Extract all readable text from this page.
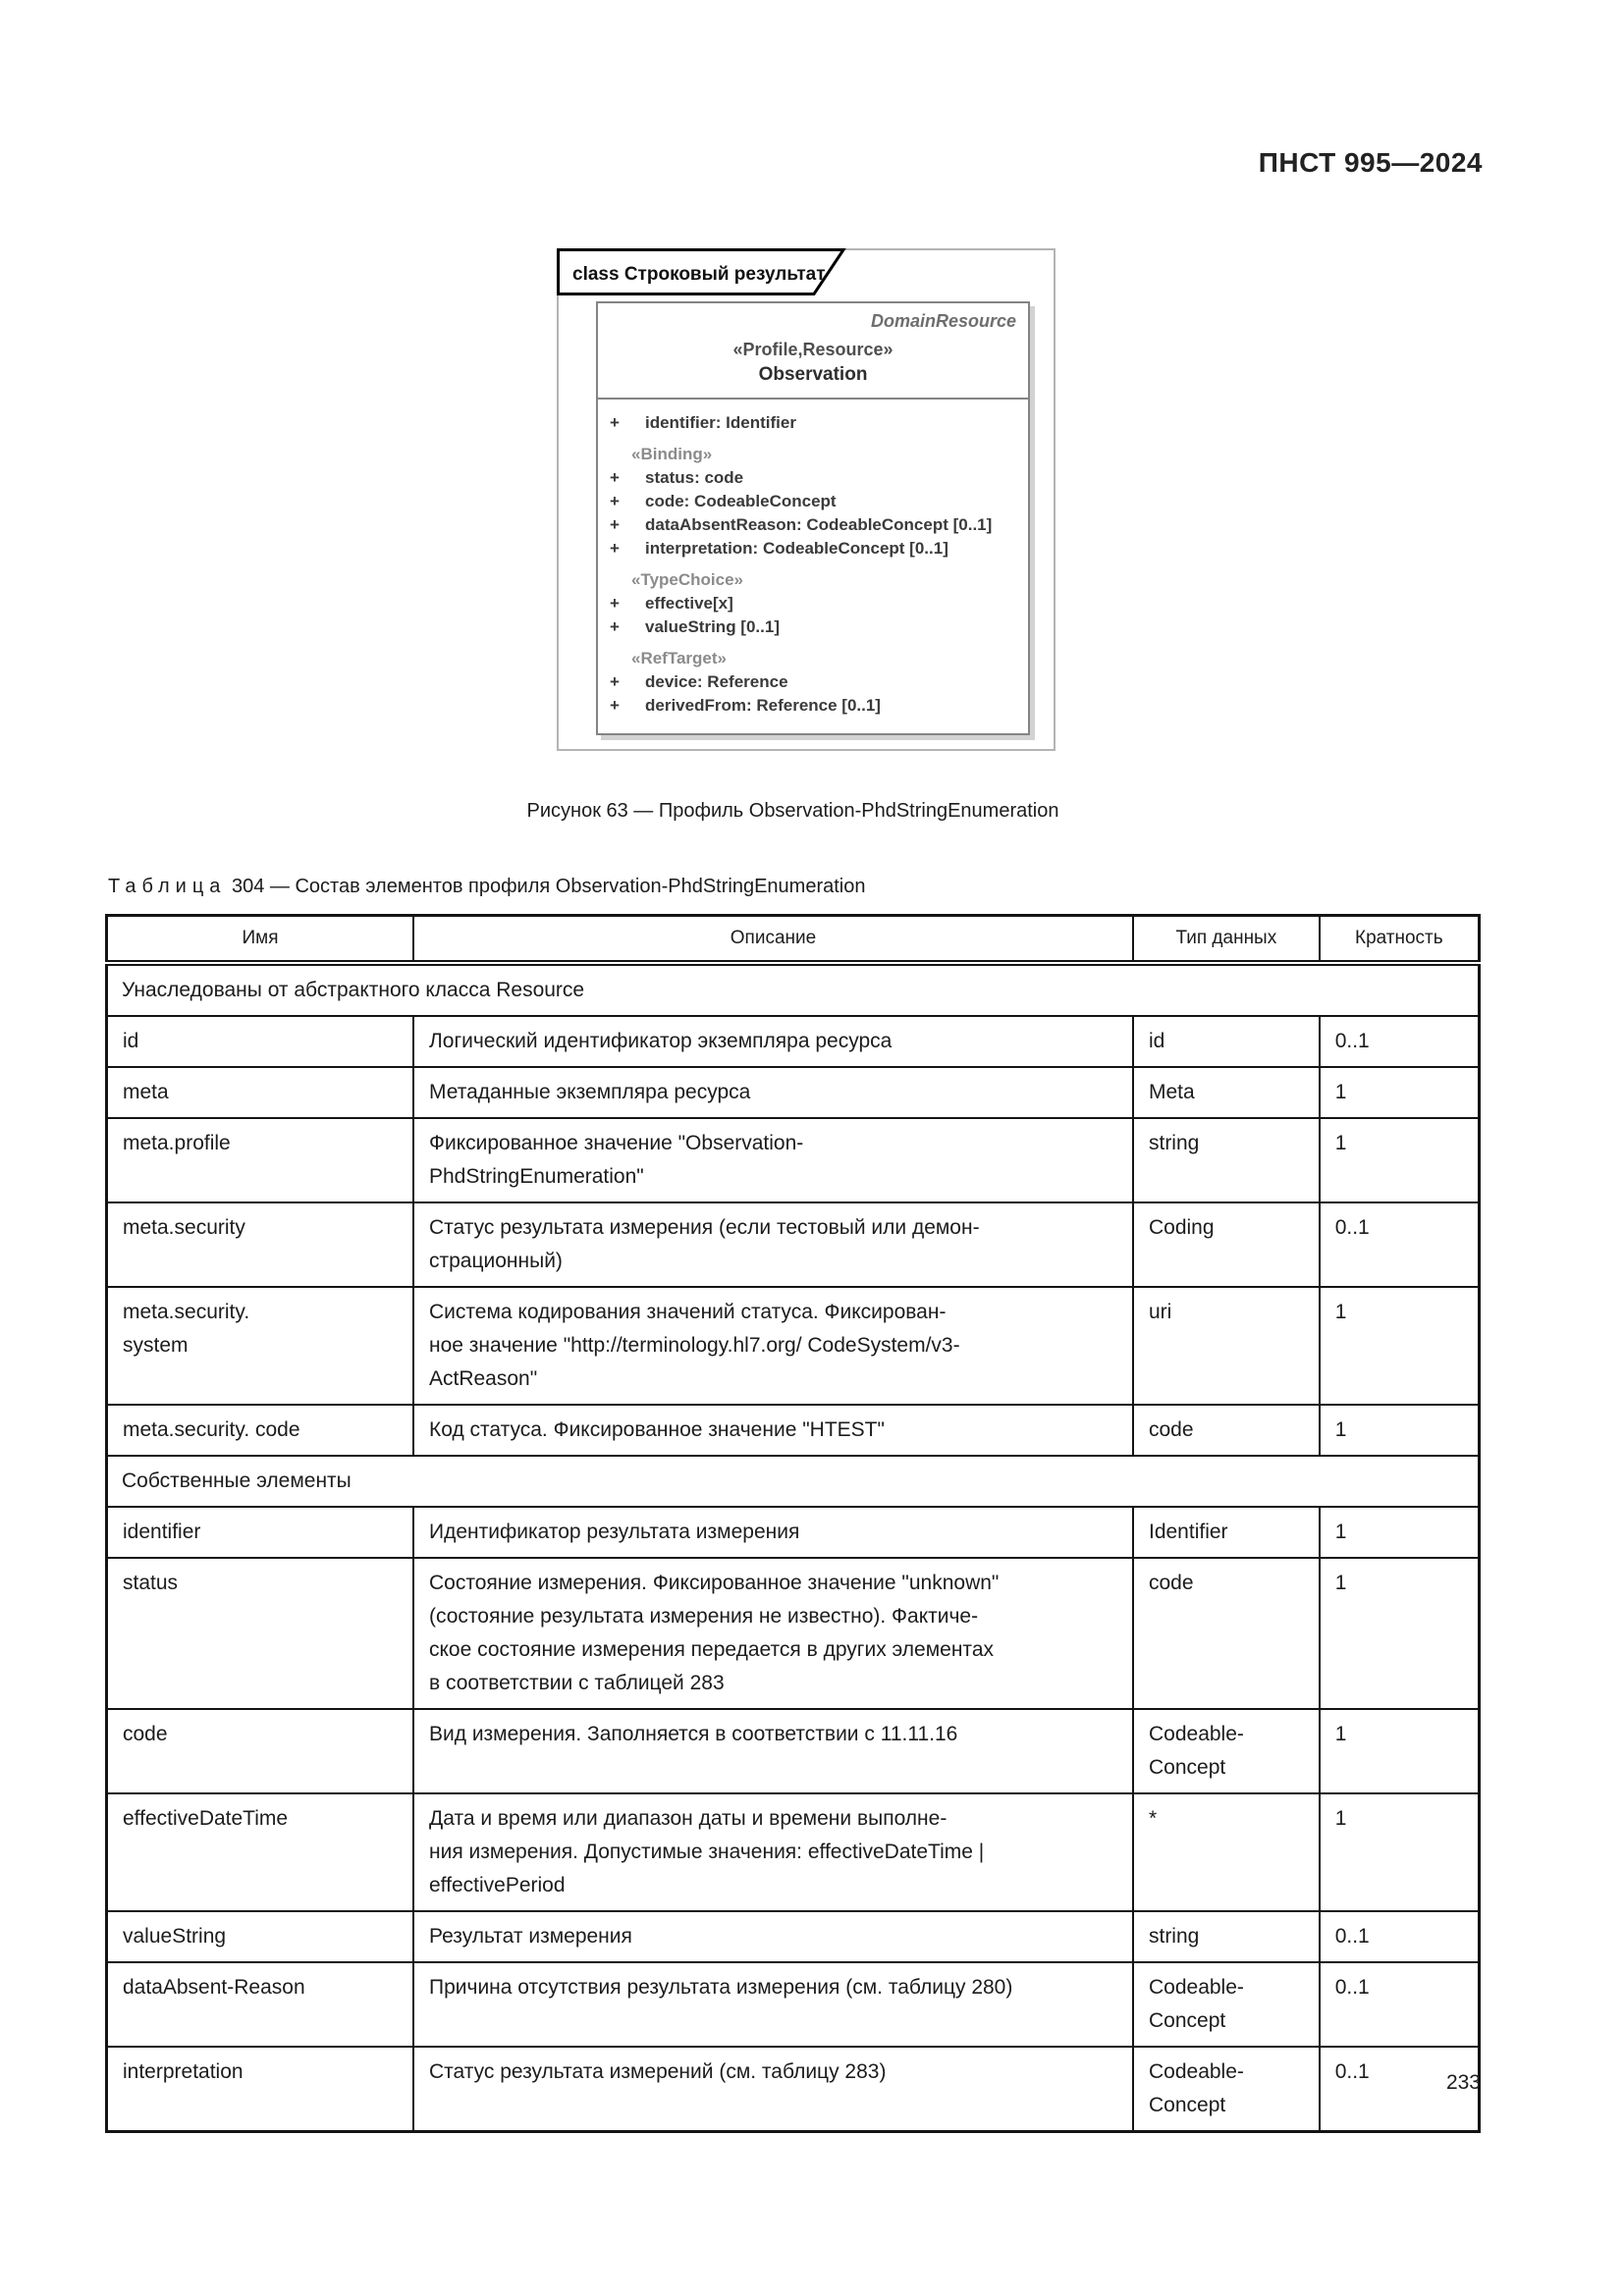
ПНСТ 995—2024
class Строковый результат
DomainResource
«Profile,Resource»
Observation
+	identifier: Identifier
«Binding»
+	status: code
+	code: CodeableConcept
+	dataAbsentReason: CodeableConcept [0..1]
+	interpretation: CodeableConcept [0..1]
«TypeChoice»
+	effective[x]
+	valueString [0..1]
«RefTarget»
+	device: Reference
+	derivedFrom: Reference [0..1]
Рисунок 63 — Профиль Observation-PhdStringEnumeration
Таблица 304 — Состав элементов профиля Observation-PhdStringEnumeration
Имя	Описание	Тип данных	Кратность
Унаследованы от абстрактного класса Resource			
id	Логический идентификатор экземпляра ресурса	id	0..1
meta	Метаданные экземпляра ресурса	Meta	1
meta.profile	Фиксированное значение "Observation-
PhdStringEnumeration"	string	1
meta.security	Статус результата измерения (если тестовый или демон-
страционный)	Coding	0..1
meta.security.
system	Система кодирования значений статуса. Фиксирован-
ное значение "http://terminology.hl7.org/ CodeSystem/v3-
ActReason"	uri	1
meta.security. code	Код статуса. Фиксированное значение "HTEST"	code	1
Собственные элементы			
identifier	Идентификатор результата измерения	Identifier	1
status	Состояние измерения. Фиксированное значение "unknown"
(состояние результата измерения не известно). Фактиче-
ское состояние измерения передается в других элементах
в соответствии с таблицей 283	code	1
code	Вид измерения. Заполняется в соответствии с 11.11.16	Codeable-
Concept	1
effectiveDateTime	Дата и время или диапазон даты и времени выполне-
ния измерения. Допустимые значения: effectiveDateTime |
effectivePeriod	*	1
valueString	Результат измерения	string	0..1
dataAbsent-Reason	Причина отсутствия результата измерения (см. таблицу 280)	Codeable-
Concept	0..1
interpretation	Статус результата измерений (см. таблицу 283)	Codeable-
Concept	0..1	233
